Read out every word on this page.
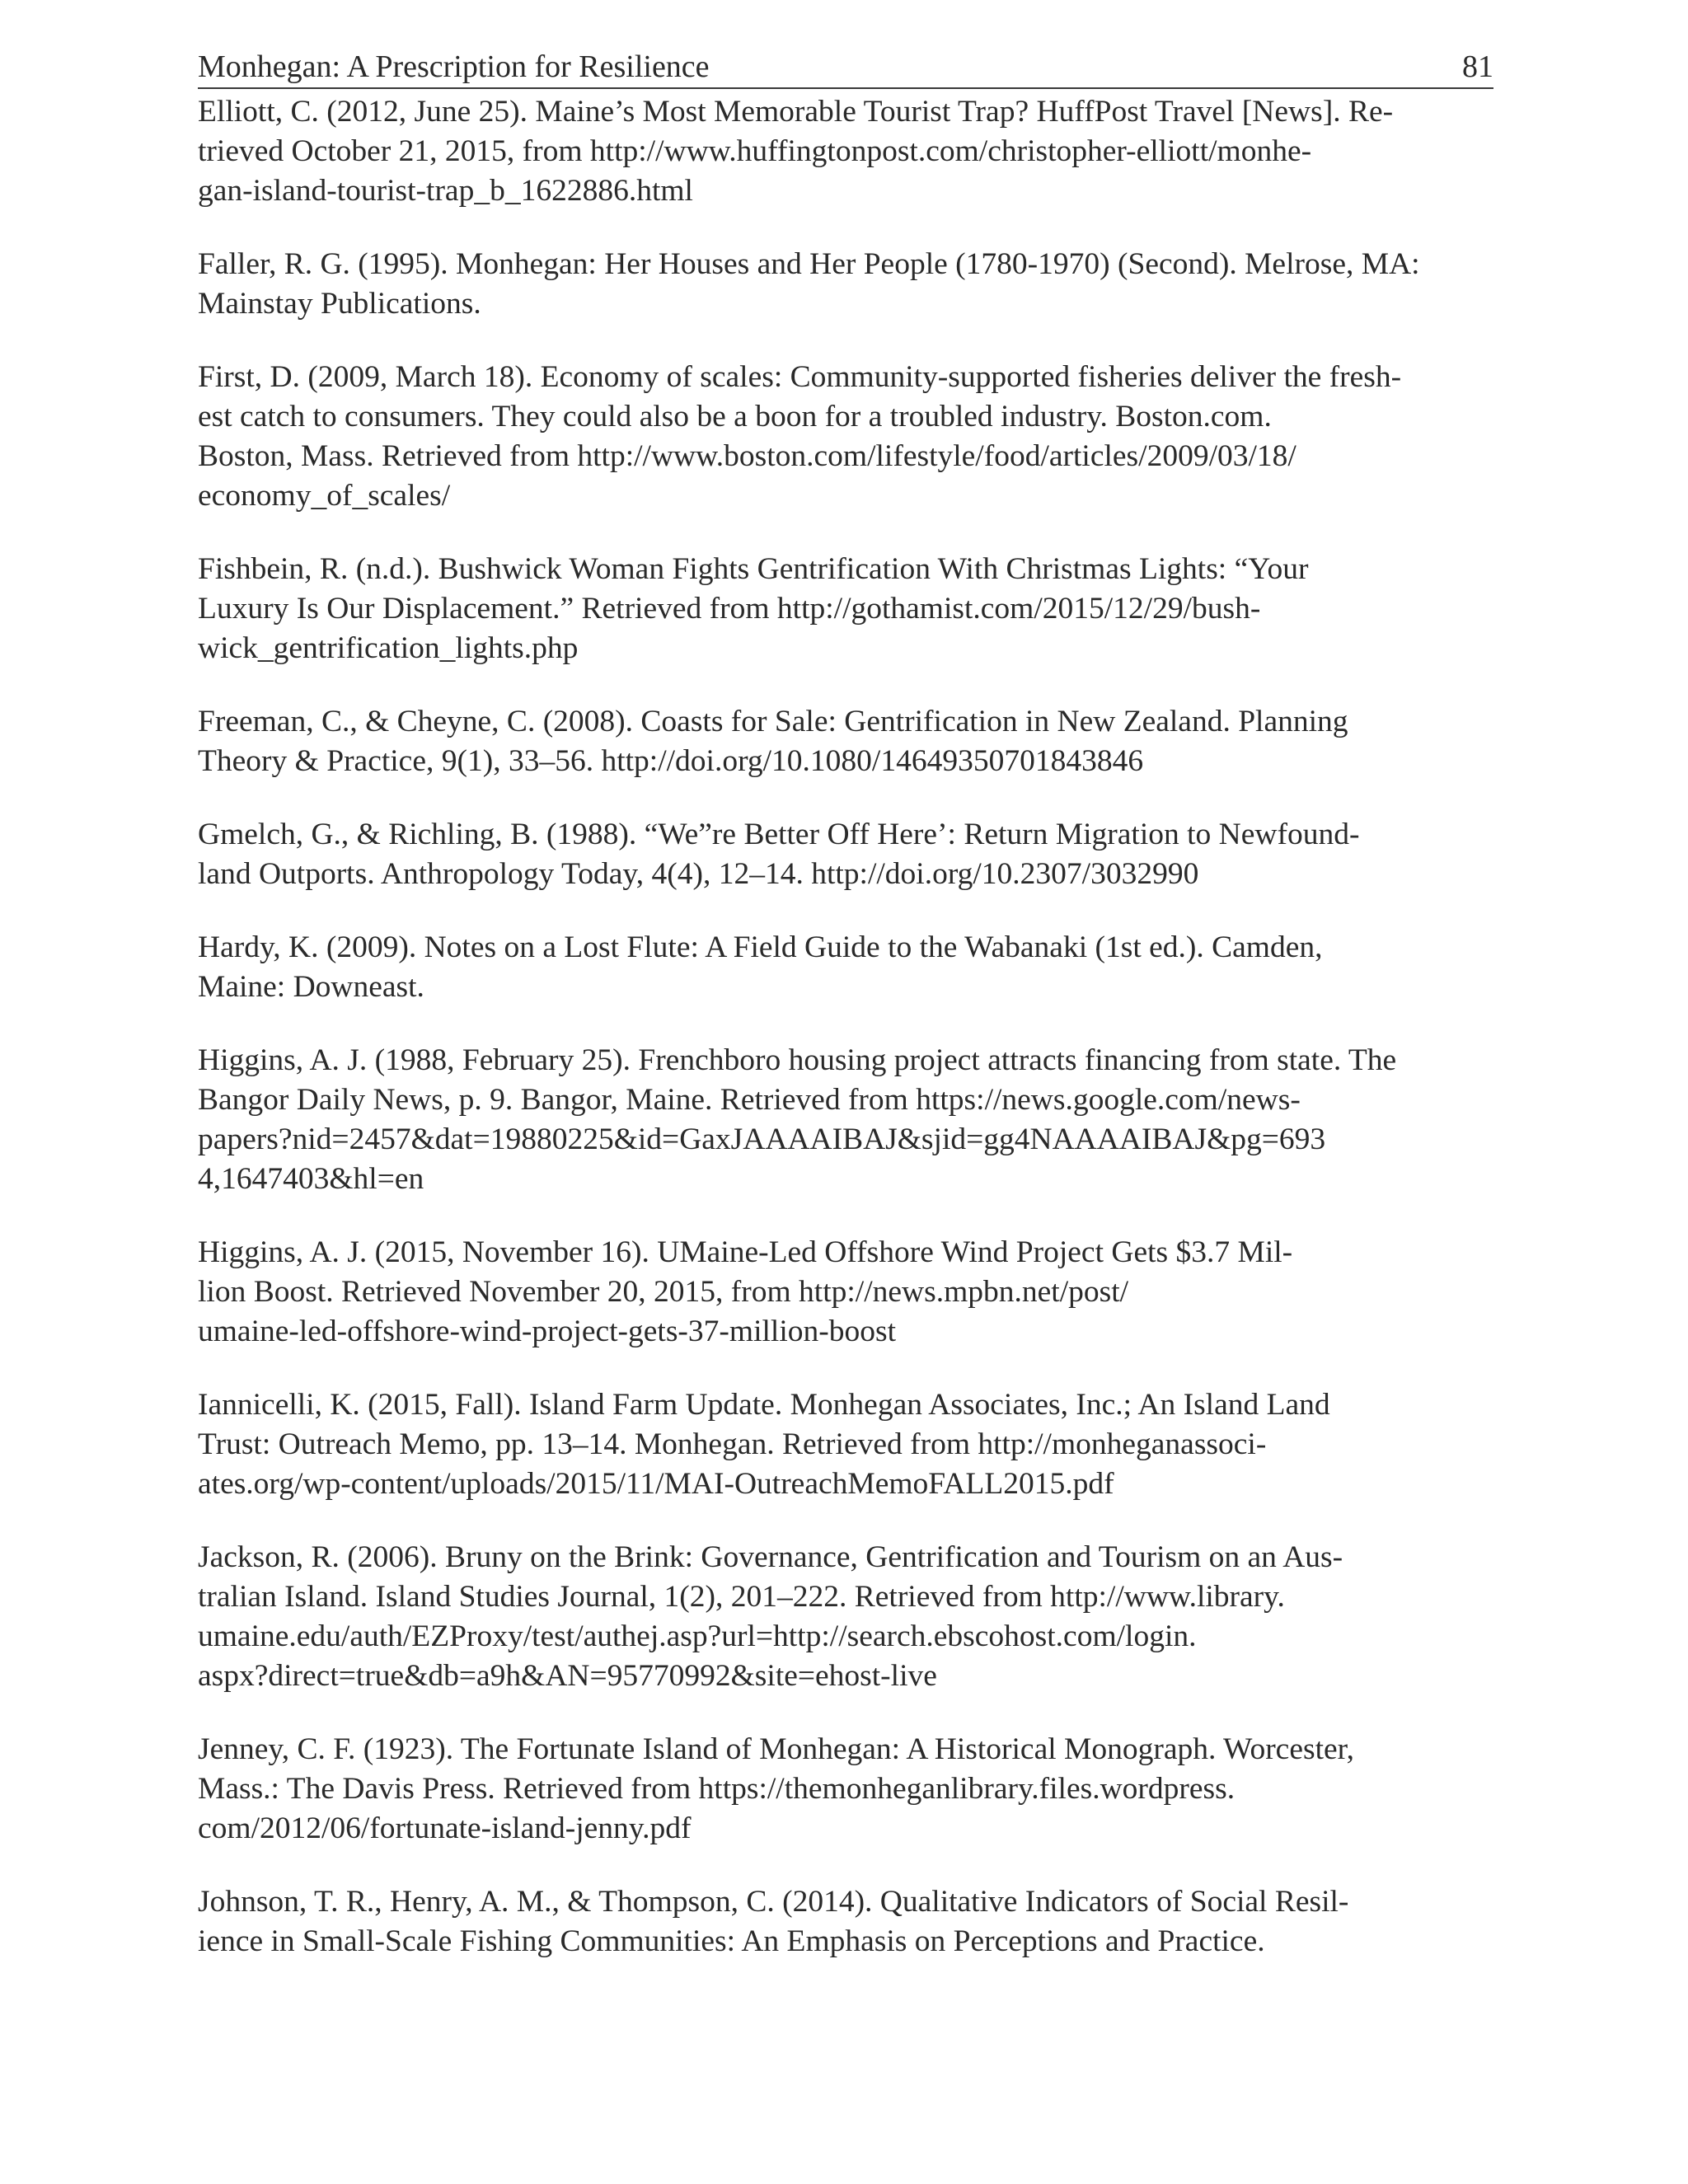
Monhegan: A Prescription for Resilience	81

Elliott, C. (2012, June 25). Maine’s Most Memorable Tourist Trap? HuffPost Travel [News]. Re-
trieved October 21, 2015, from http://www.huffingtonpost.com/christopher-elliott/monhe-
gan-island-tourist-trap_b_1622886.html

Faller, R. G. (1995). Monhegan: Her Houses and Her People (1780-1970) (Second). Melrose, MA:
Mainstay Publications.

First, D. (2009, March 18). Economy of scales: Community-supported fisheries deliver the fresh-
est catch to consumers. They could also be a boon for a troubled industry. Boston.com.
Boston, Mass. Retrieved from http://www.boston.com/lifestyle/food/articles/2009/03/18/
economy_of_scales/

Fishbein, R. (n.d.). Bushwick Woman Fights Gentrification With Christmas Lights: “Your
Luxury Is Our Displacement.” Retrieved from http://gothamist.com/2015/12/29/bush-
wick_gentrification_lights.php

Freeman, C., & Cheyne, C. (2008). Coasts for Sale: Gentrification in New Zealand. Planning
Theory & Practice, 9(1), 33–56. http://doi.org/10.1080/14649350701843846

Gmelch, G., & Richling, B. (1988). “We”re Better Off Here’: Return Migration to Newfound-
land Outports. Anthropology Today, 4(4), 12–14. http://doi.org/10.2307/3032990

Hardy, K. (2009). Notes on a Lost Flute: A Field Guide to the Wabanaki (1st ed.). Camden,
Maine: Downeast.

Higgins, A. J. (1988, February 25). Frenchboro housing project attracts financing from state. The
Bangor Daily News, p. 9. Bangor, Maine. Retrieved from https://news.google.com/news-
papers?nid=2457&dat=19880225&id=GaxJAAAAIBAJ&sjid=gg4NAAAAIBAJ&pg=693
4,1647403&hl=en

Higgins, A. J. (2015, November 16). UMaine-Led Offshore Wind Project Gets $3.7 Mil-
lion Boost. Retrieved November 20, 2015, from http://news.mpbn.net/post/
umaine-led-offshore-wind-project-gets-37-million-boost

Iannicelli, K. (2015, Fall). Island Farm Update. Monhegan Associates, Inc.; An Island Land
Trust: Outreach Memo, pp. 13–14. Monhegan. Retrieved from http://monheganassoci-
ates.org/wp-content/uploads/2015/11/MAI-OutreachMemoFALL2015.pdf

Jackson, R. (2006). Bruny on the Brink: Governance, Gentrification and Tourism on an Aus-
tralian Island. Island Studies Journal, 1(2), 201–222. Retrieved from http://www.library.
umaine.edu/auth/EZProxy/test/authej.asp?url=http://search.ebscohost.com/login.
aspx?direct=true&db=a9h&AN=95770992&site=ehost-live

Jenney, C. F. (1923). The Fortunate Island of Monhegan: A Historical Monograph. Worcester,
Mass.: The Davis Press. Retrieved from https://themonheganlibrary.files.wordpress.
com/2012/06/fortunate-island-jenny.pdf

Johnson, T. R., Henry, A. M., & Thompson, C. (2014). Qualitative Indicators of Social Resil-
ience in Small-Scale Fishing Communities: An Emphasis on Perceptions and Practice.
